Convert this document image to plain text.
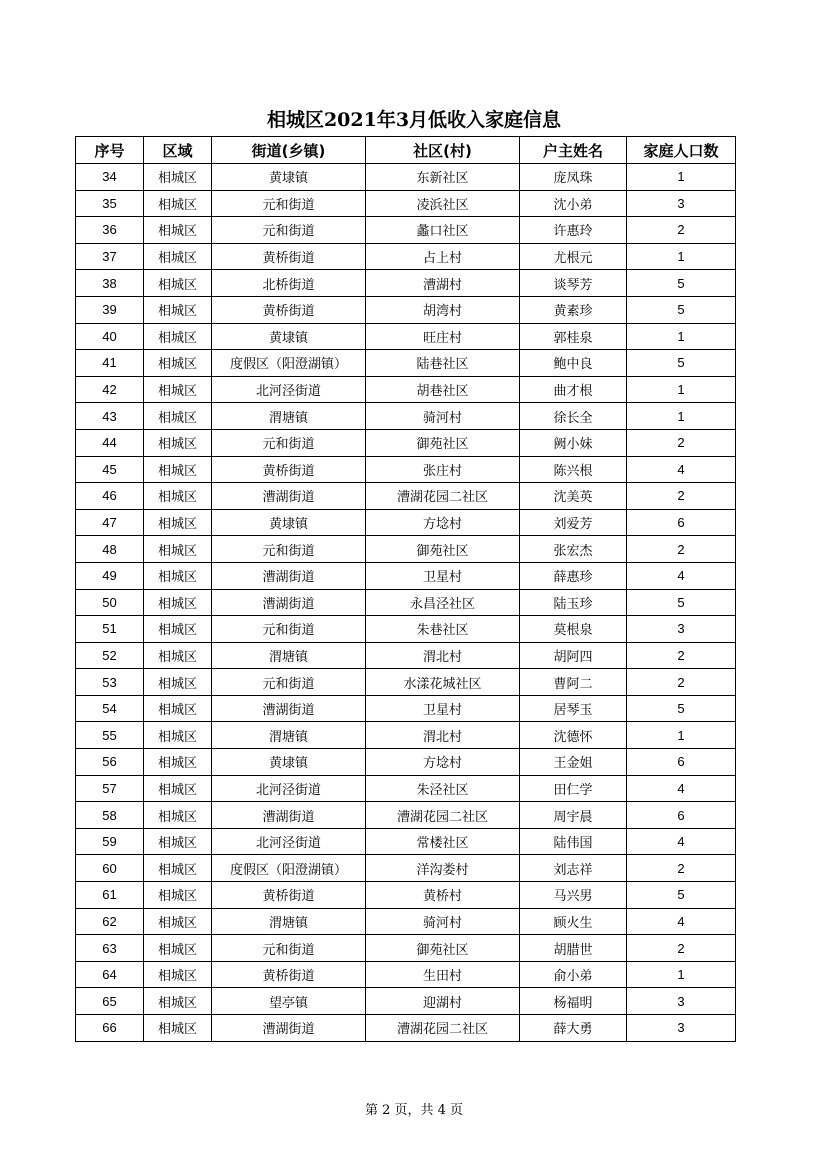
相城区2021年3月低收入家庭信息
序号	区域	街道(乡镇)	社区(村)	户主姓名	家庭人口数
34	相城区	黄埭镇	东新社区	庞凤珠	1
35	相城区	元和街道	凌浜社区	沈小弟	3
36	相城区	元和街道	蠡口社区	许惠玲	2
37	相城区	黄桥街道	占上村	尤根元	1
38	相城区	北桥街道	漕湖村	谈琴芳	5
39	相城区	黄桥街道	胡湾村	黄素珍	5
40	相城区	黄埭镇	旺庄村	郭桂泉	1
41	相城区	度假区（阳澄湖镇）	陆巷社区	鲍中良	5
42	相城区	北河泾街道	胡巷社区	曲才根	1
43	相城区	渭塘镇	骑河村	徐长全	1
44	相城区	元和街道	御苑社区	阙小妹	2
45	相城区	黄桥街道	张庄村	陈兴根	4
46	相城区	漕湖街道	漕湖花园二社区	沈美英	2
47	相城区	黄埭镇	方埝村	刘爱芳	6
48	相城区	元和街道	御苑社区	张宏杰	2
49	相城区	漕湖街道	卫星村	薛惠珍	4
50	相城区	漕湖街道	永昌泾社区	陆玉珍	5
51	相城区	元和街道	朱巷社区	莫根泉	3
52	相城区	渭塘镇	渭北村	胡阿四	2
53	相城区	元和街道	水漾花城社区	曹阿二	2
54	相城区	漕湖街道	卫星村	居琴玉	5
55	相城区	渭塘镇	渭北村	沈德怀	1
56	相城区	黄埭镇	方埝村	王金姐	6
57	相城区	北河泾街道	朱泾社区	田仁学	4
58	相城区	漕湖街道	漕湖花园二社区	周宇晨	6
59	相城区	北河泾街道	常楼社区	陆伟国	4
60	相城区	度假区（阳澄湖镇）	洋沟娄村	刘志祥	2
61	相城区	黄桥街道	黄桥村	马兴男	5
62	相城区	渭塘镇	骑河村	顾火生	4
63	相城区	元和街道	御苑社区	胡腊世	2
64	相城区	黄桥街道	生田村	俞小弟	1
65	相城区	望亭镇	迎湖村	杨福明	3
66	相城区	漕湖街道	漕湖花园二社区	薛大勇	3
第 2 页，共 4 页
